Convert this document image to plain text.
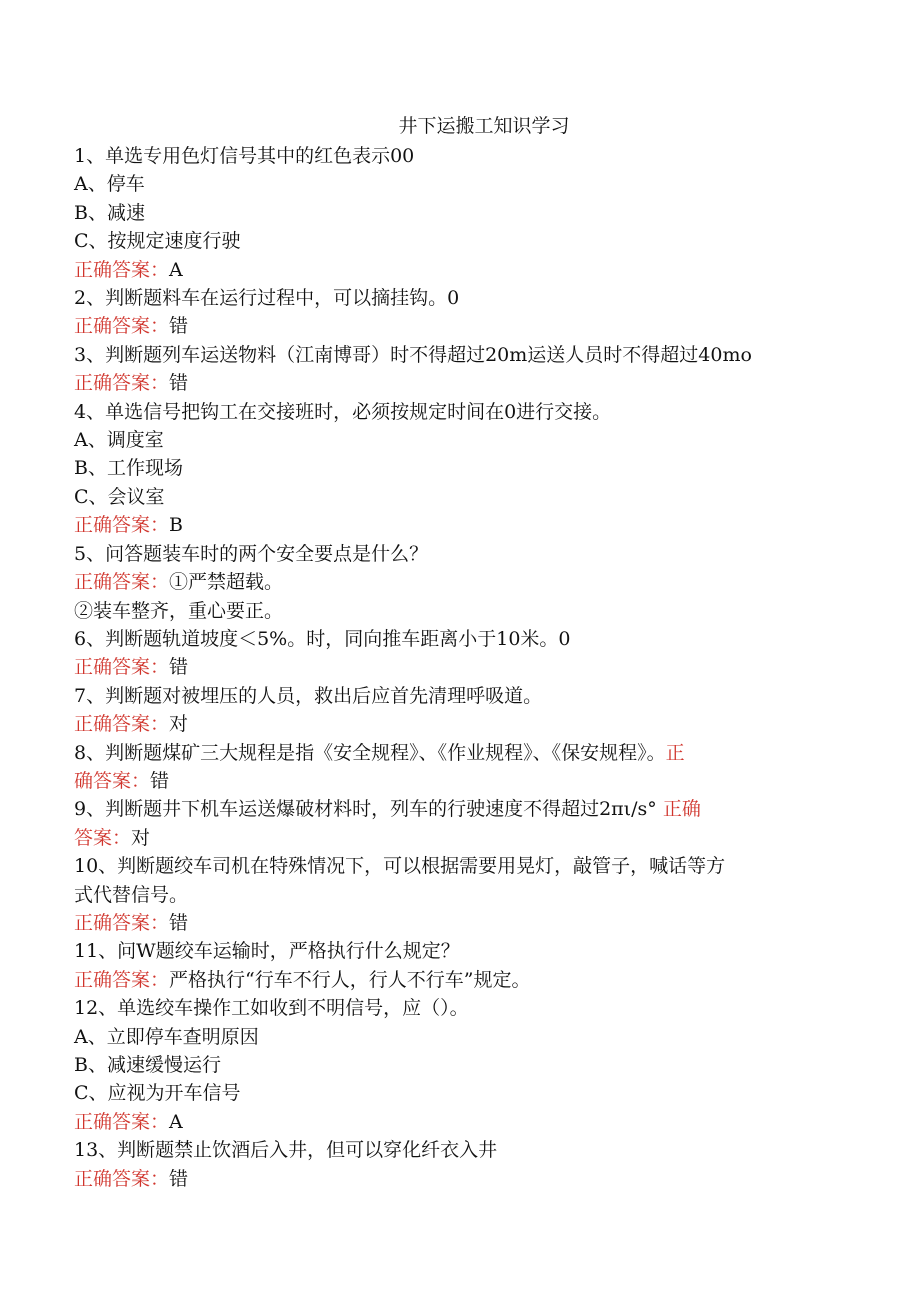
井下运搬工知识学习
1、单选专用色灯信号其中的红色表示00
A、停车
B、减速
C、按规定速度行驶
正确答案：A
2、判断题料车在运行过程中，可以摘挂钩。0
正确答案：错
3、判断题列车运送物料（江南博哥）时不得超过20m运送人员时不得超过40mo
正确答案：错
4、单选信号把钩工在交接班时，必须按规定时间在0进行交接。
A、调度室
B、工作现场
C、会议室
正确答案：B
5、问答题装车时的两个安全要点是什么？
正确答案：①严禁超载。
②装车整齐，重心要正。
6、判断题轨道坡度＜5%。时，同向推车距离小于10米。0
正确答案：错
7、判断题对被埋压的人员，救出后应首先清理呼吸道。
正确答案：对
8、判断题煤矿三大规程是指《安全规程》、《作业规程》、《保安规程》。正
确答案：错
9、判断题井下机车运送爆破材料时，列车的行驶速度不得超过2πι/s° 正确
答案：对
10、判断题绞车司机在特殊情况下，可以根据需要用晃灯，敲管子，喊话等方
式代替信号。
正确答案：错
11、问W题绞车运输时，严格执行什么规定？
正确答案：严格执行“行车不行人，行人不行车”规定。
12、单选绞车操作工如收到不明信号，应（）。
A、立即停车查明原因
B、减速缓慢运行
C、应视为开车信号
正确答案：A
13、判断题禁止饮酒后入井，但可以穿化纤衣入井
正确答案：错
